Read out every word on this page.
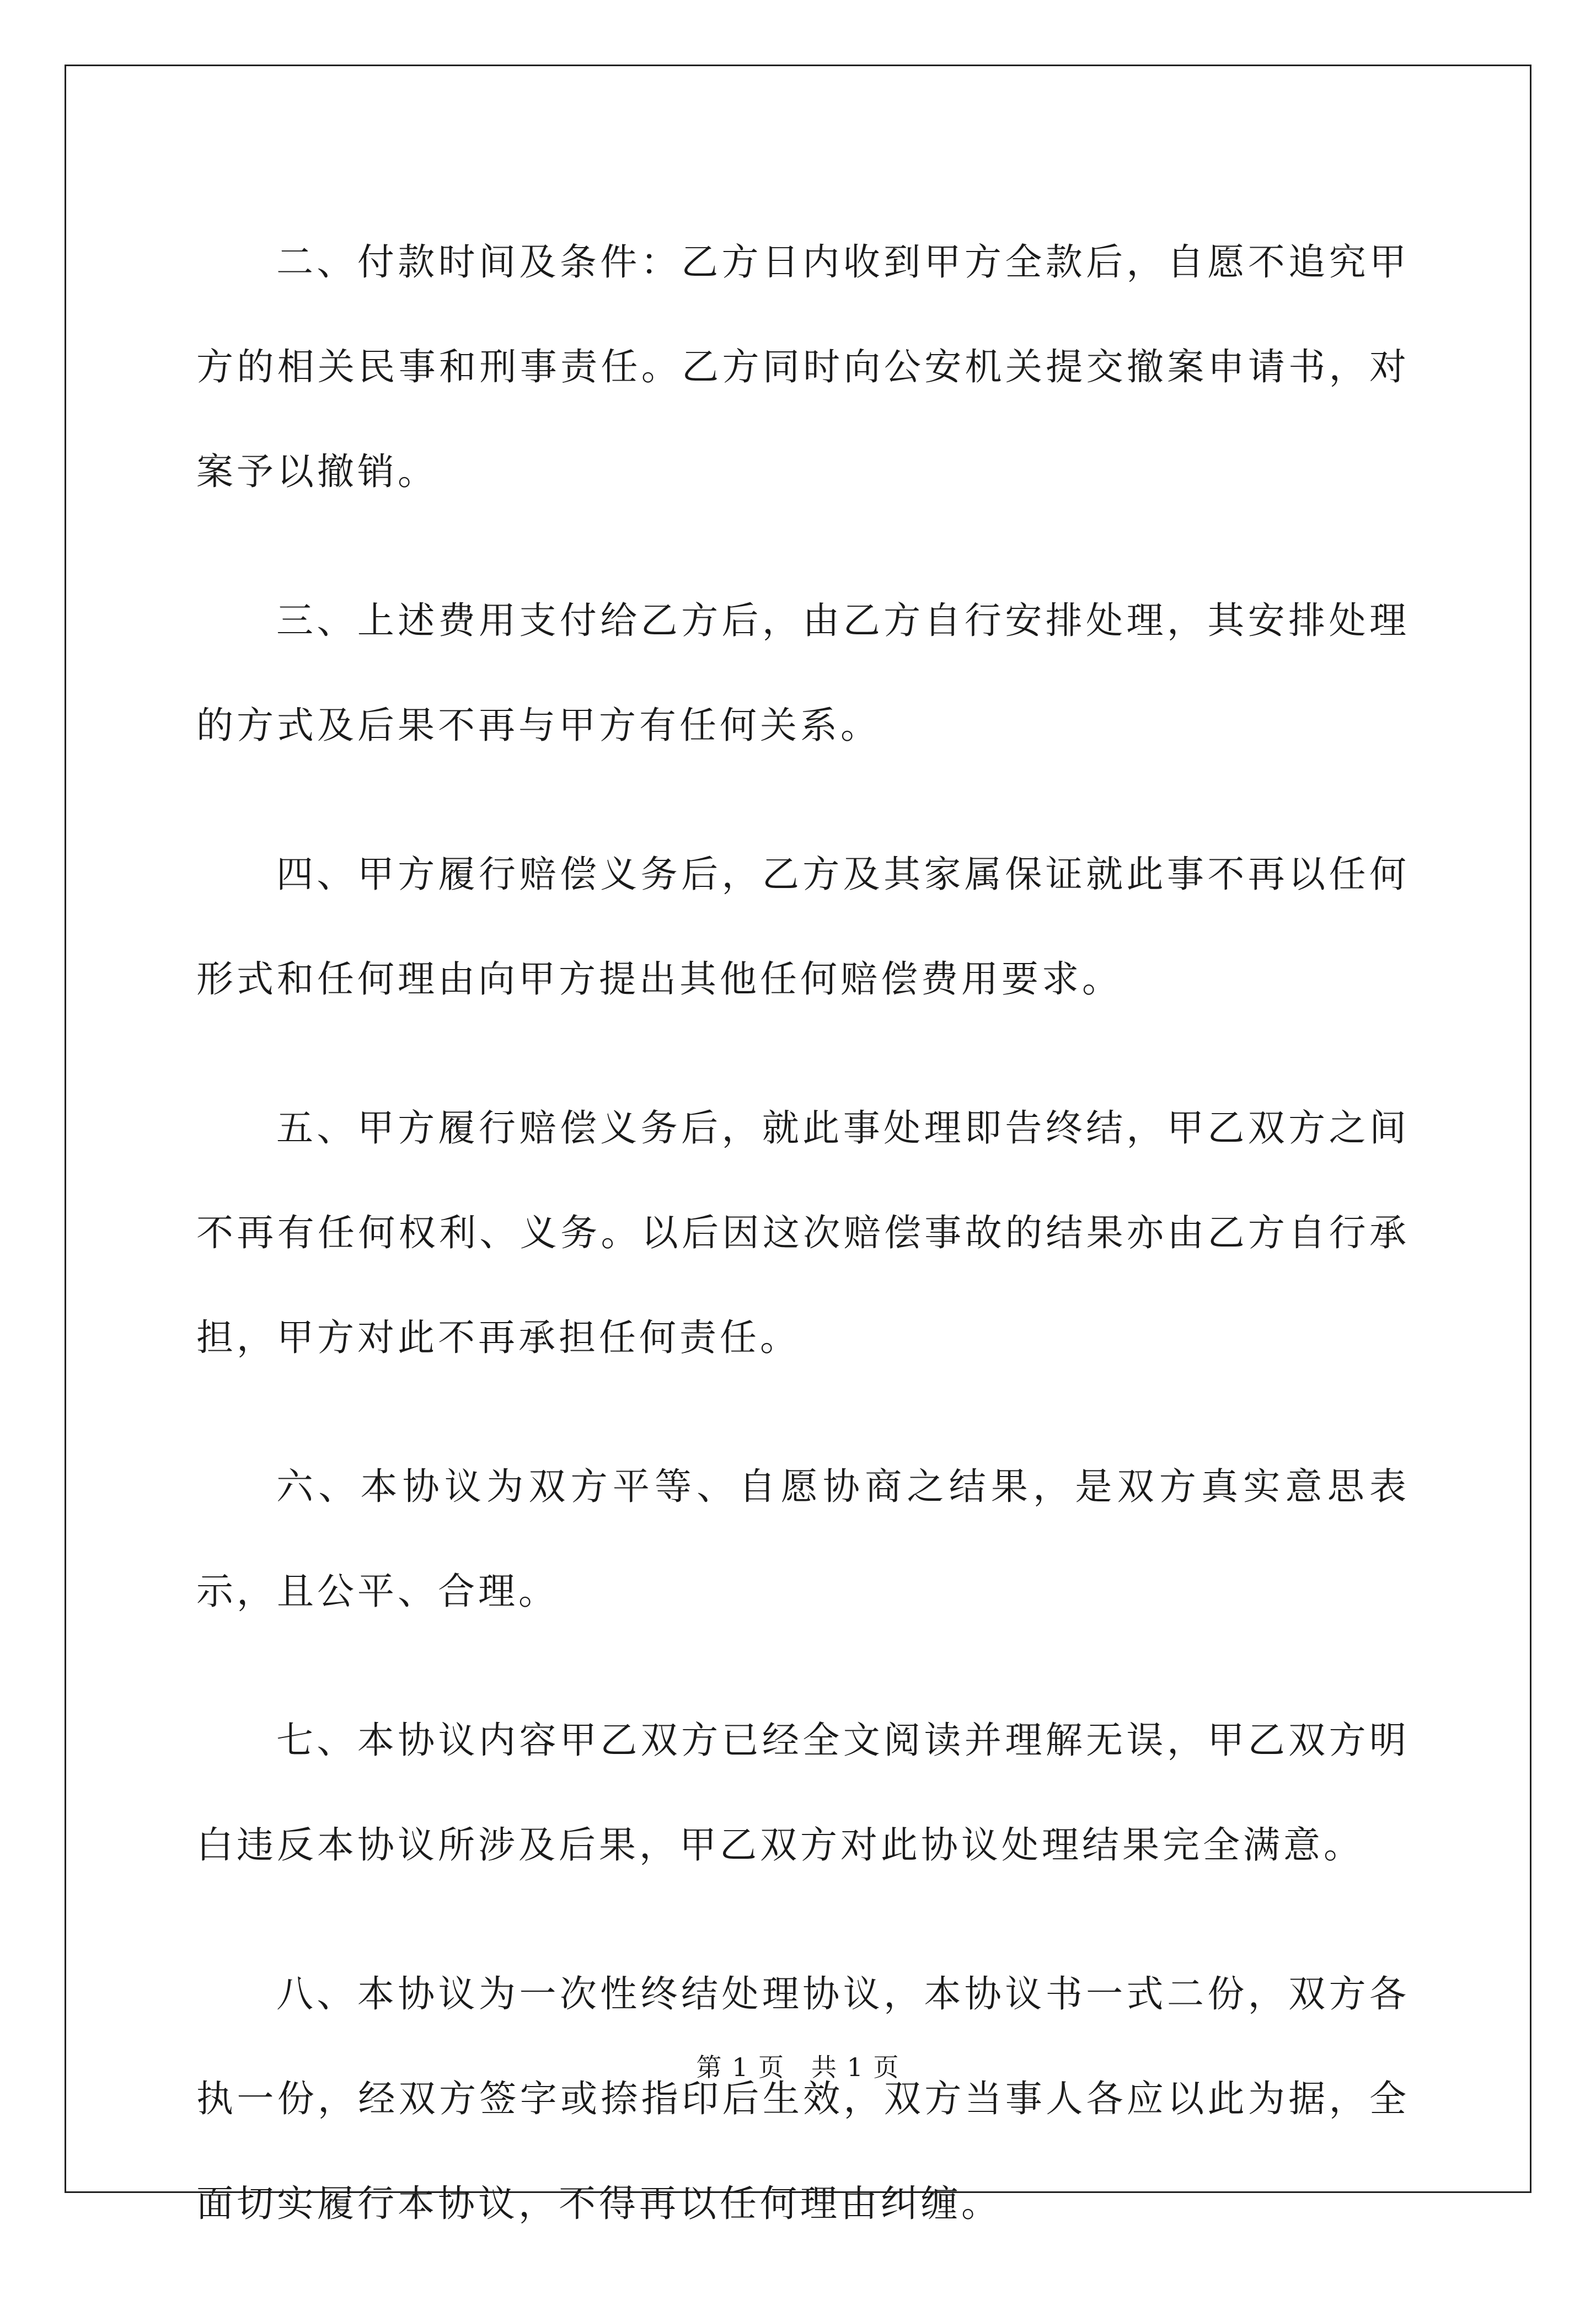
二、付款时间及条件：乙方日内收到甲方全款后，自愿不追究甲方的相关民事和刑事责任。乙方同时向公安机关提交撤案申请书，对案予以撤销。

三、上述费用支付给乙方后，由乙方自行安排处理，其安排处理的方式及后果不再与甲方有任何关系。

四、甲方履行赔偿义务后，乙方及其家属保证就此事不再以任何形式和任何理由向甲方提出其他任何赔偿费用要求。

五、甲方履行赔偿义务后，就此事处理即告终结，甲乙双方之间不再有任何权利、义务。以后因这次赔偿事故的结果亦由乙方自行承担，甲方对此不再承担任何责任。

六、本协议为双方平等、自愿协商之结果，是双方真实意思表示，且公平、合理。

七、本协议内容甲乙双方已经全文阅读并理解无误，甲乙双方明白违反本协议所涉及后果，甲乙双方对此协议处理结果完全满意。

八、本协议为一次性终结处理协议，本协议书一式二份，双方各执一份，经双方签字或捺指印后生效，双方当事人各应以此为据，全面切实履行本协议，不得再以任何理由纠缠。

第 1 页　共 1 页
